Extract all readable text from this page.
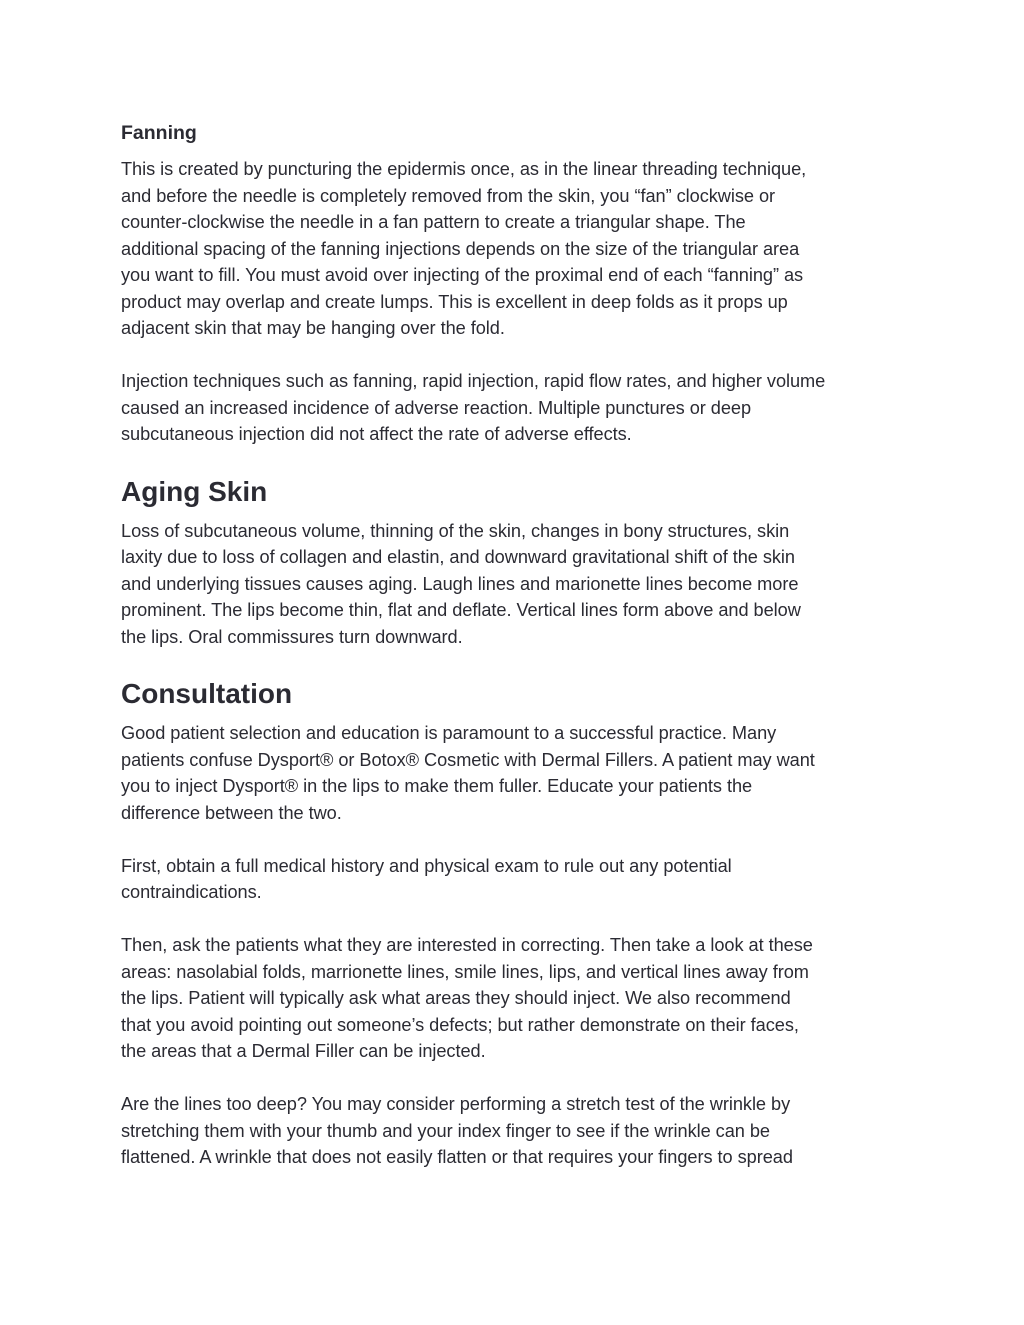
Fanning

This is created by puncturing the epidermis once, as in the linear threading technique,
and before the needle is completely removed from the skin, you “fan” clockwise or
counter-clockwise the needle in a fan pattern to create a triangular shape. The
additional spacing of the fanning injections depends on the size of the triangular area
you want to fill. You must avoid over injecting of the proximal end of each “fanning” as
product may overlap and create lumps. This is excellent in deep folds as it props up
adjacent skin that may be hanging over the fold.

Injection techniques such as fanning, rapid injection, rapid flow rates, and higher volume
caused an increased incidence of adverse reaction. Multiple punctures or deep
subcutaneous injection did not affect the rate of adverse effects.

Aging Skin

Loss of subcutaneous volume, thinning of the skin, changes in bony structures, skin
laxity due to loss of collagen and elastin, and downward gravitational shift of the skin
and underlying tissues causes aging. Laugh lines and marionette lines become more
prominent. The lips become thin, flat and deflate. Vertical lines form above and below
the lips. Oral commissures turn downward.

Consultation

Good patient selection and education is paramount to a successful practice. Many
patients confuse Dysport® or Botox® Cosmetic with Dermal Fillers. A patient may want
you to inject Dysport® in the lips to make them fuller. Educate your patients the
difference between the two.

First, obtain a full medical history and physical exam to rule out any potential
contraindications.

Then, ask the patients what they are interested in correcting. Then take a look at these
areas: nasolabial folds, marrionette lines, smile lines, lips, and vertical lines away from
the lips. Patient will typically ask what areas they should inject. We also recommend
that you avoid pointing out someone’s defects; but rather demonstrate on their faces,
the areas that a Dermal Filler can be injected.

Are the lines too deep? You may consider performing a stretch test of the wrinkle by
stretching them with your thumb and your index finger to see if the wrinkle can be
flattened. A wrinkle that does not easily flatten or that requires your fingers to spread
